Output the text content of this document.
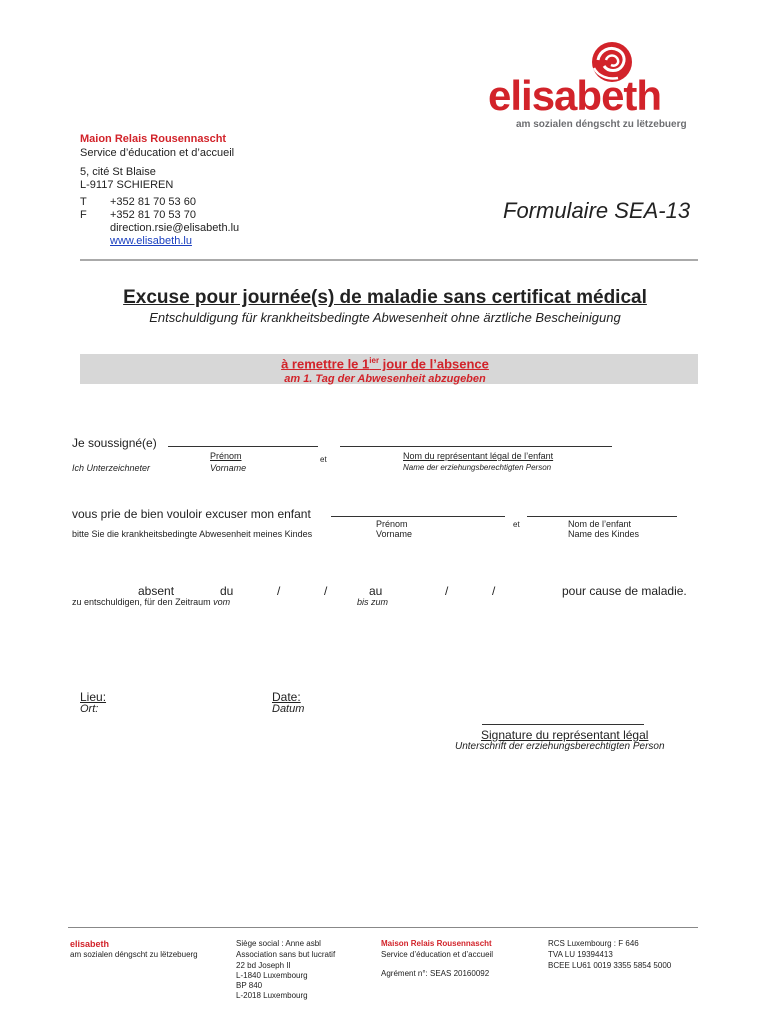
elisabeth
am sozialen déngscht zu lëtzebuerg
Maion Relais Rousennascht
Service d’éducation et d’accueil
5, cité St Blaise
L-9117 SCHIEREN
T +352 81 70 53 60
F +352 81 70 53 70
direction.rsie@elisabeth.lu
www.elisabeth.lu
Formulaire SEA-13
Excuse pour journée(s) de maladie sans certificat médical
Entschuldigung für krankheitsbedingte Abwesenheit ohne ärztliche Bescheinigung
à remettre le $1^{ier}$ jour de l’absence
am 1. Tag der Abwesenheit abzugeben
Je soussigné(e)
Ich Unterzeichneter
Prénom
Vorname
et	Nom du représentant légal de l’enfant
Name der erziehungsberechtigten Person
vous prie de bien vouloir excuser mon enfant
bitte Sie die krankheitsbedingte Abwesenheit meines Kindes
Prénom
Vorname
et	Nom de l’enfant
Name des Kindes
absent	du	/	/	au	/	/	pour cause de maladie.
zu entschuldigen, für den Zeitraum vom	bis zum
Lieu:
Ort:
Date:
Datum
Signature du représentant légal
Unterschrift der erziehungsberechtigten Person
elisabeth
am sozialen déngscht zu lëtzebuerg
Siège social : Anne asbl
Association sans but lucratif
22 bd Joseph II
L-1840 Luxembourg
BP 840
L-2018 Luxembourg
Maison Relais Rousennascht
Service d’éducation et d’accueil
Agrément n°: SEAS 20160092
RCS Luxembourg : F 646
TVA LU 19394413
BCEE LU61 0019 3355 5854 5000
